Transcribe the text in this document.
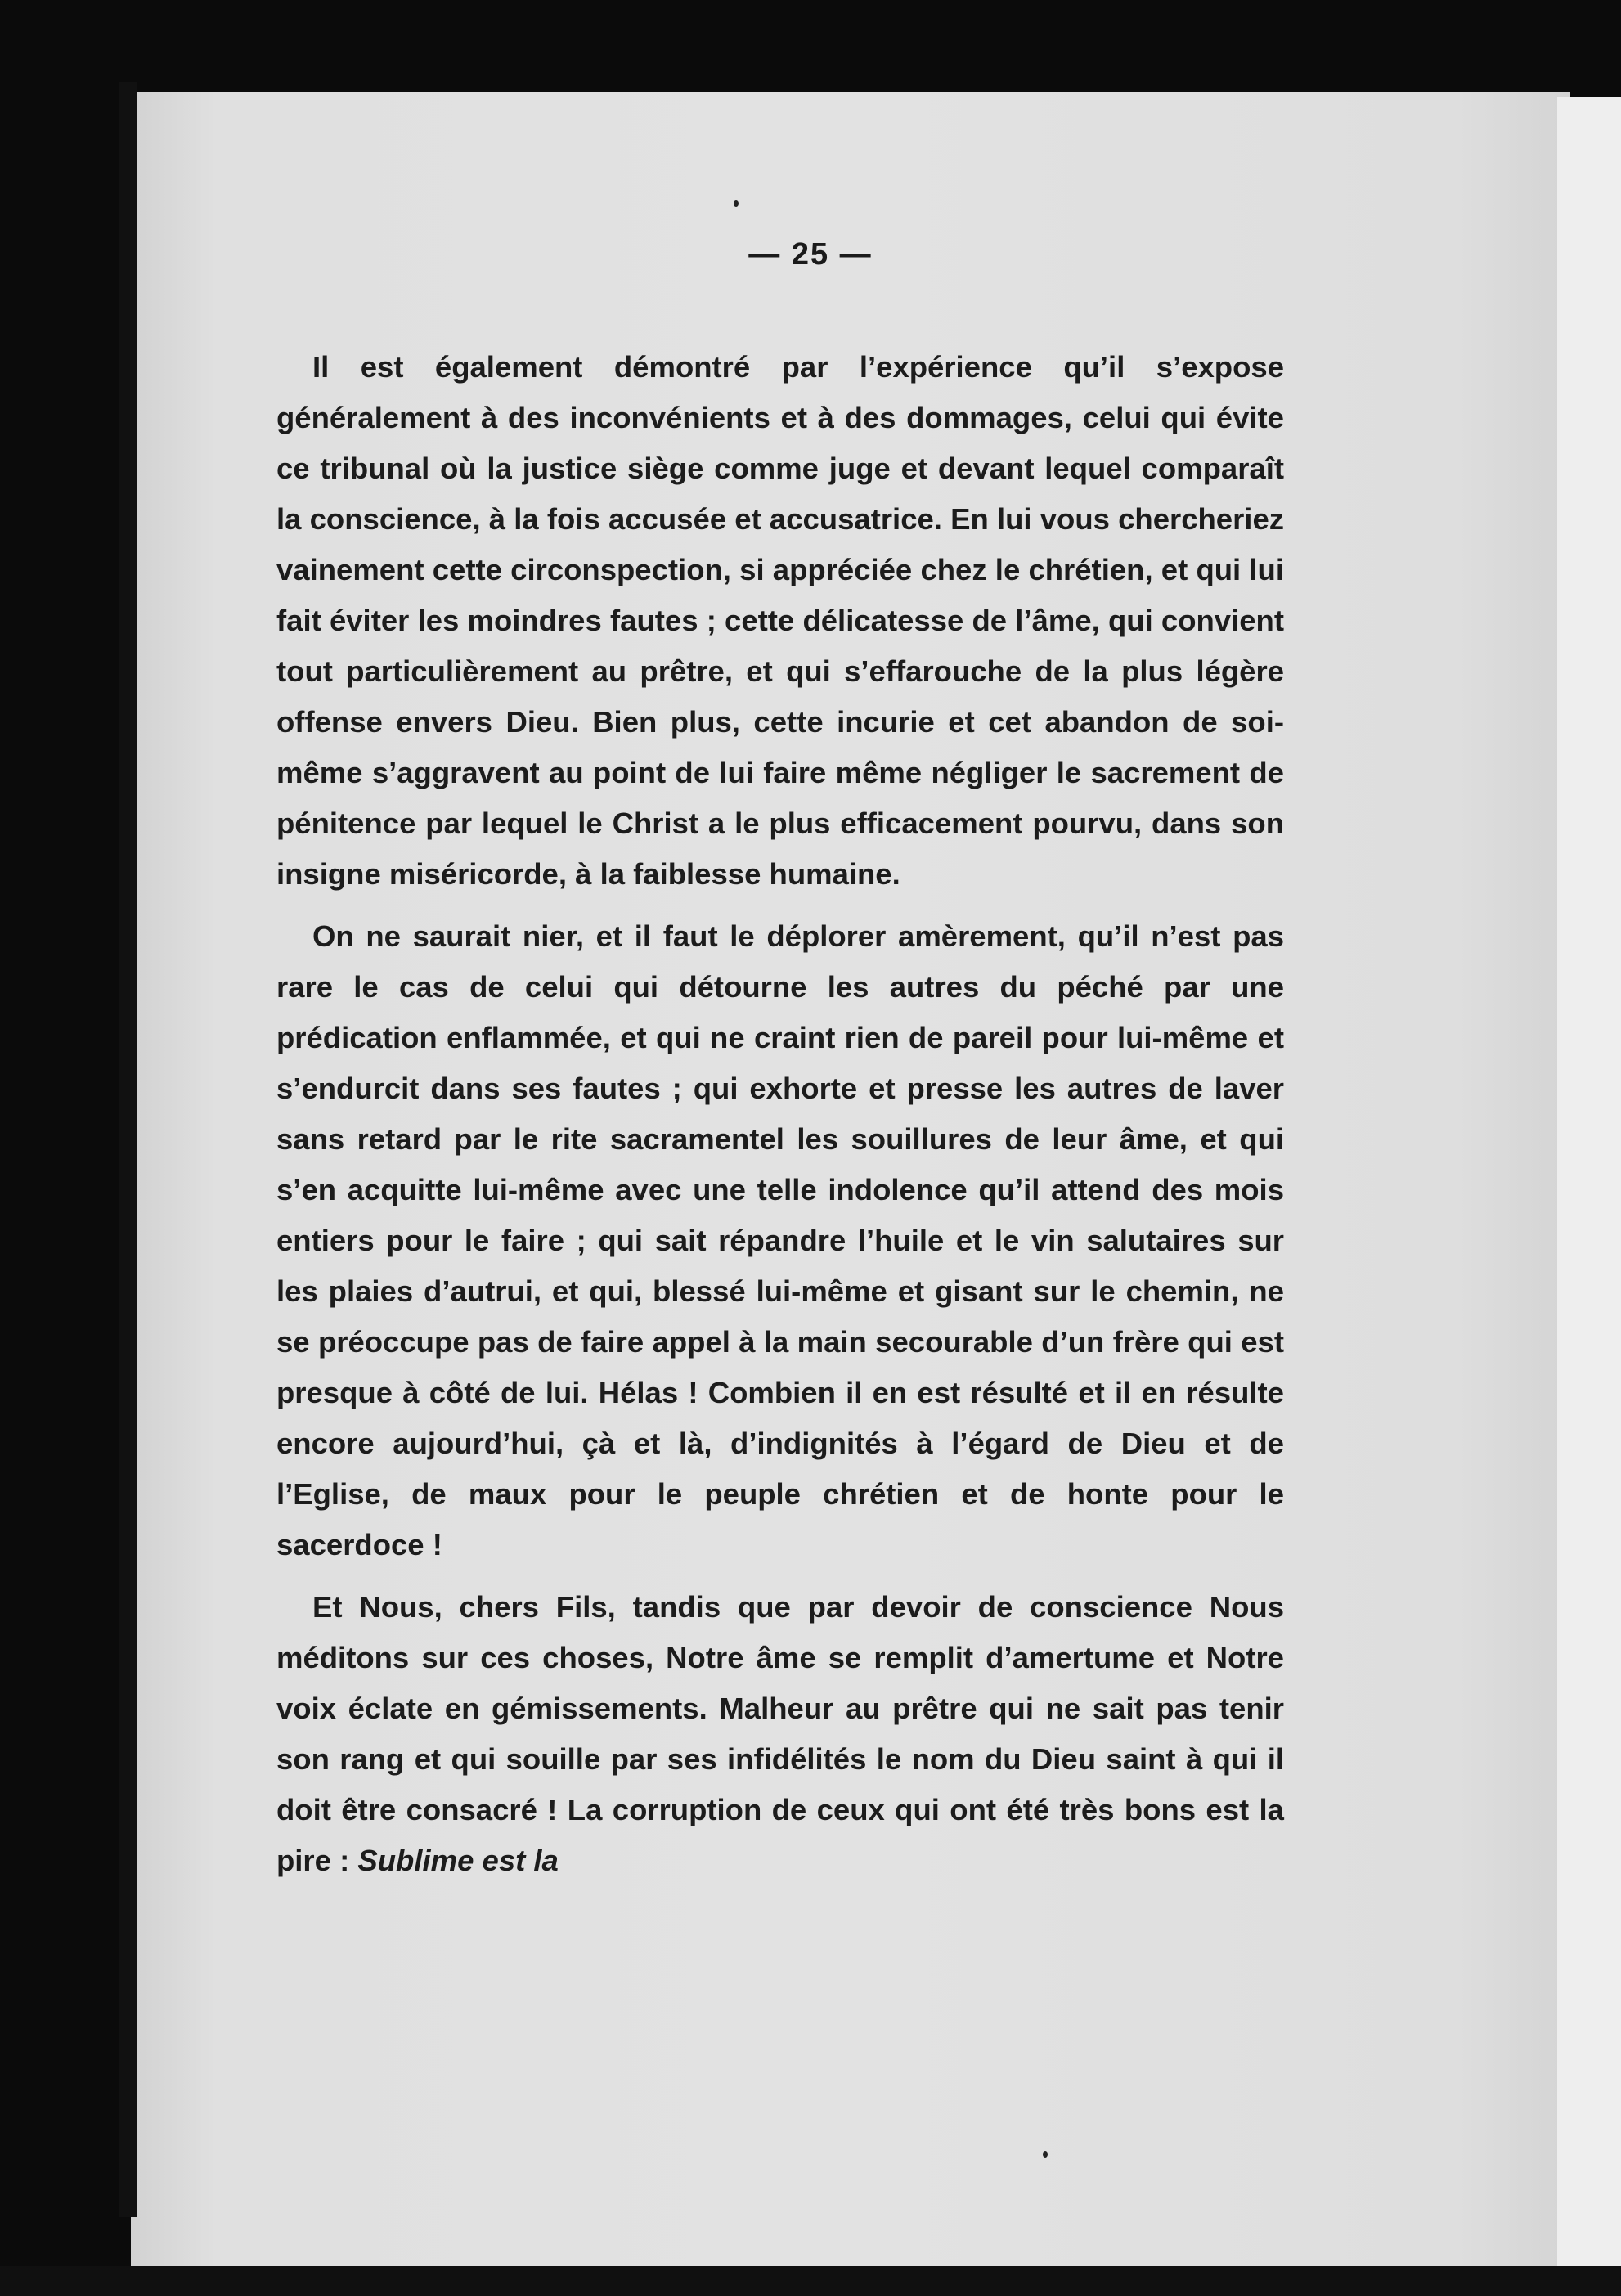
— 25 —

Il est également démontré par l’expérience qu’il s’expose généralement à des inconvénients et à des dommages, celui qui évite ce tribunal où la justice siège comme juge et devant lequel comparaît la conscience, à la fois accusée et accusatrice. En lui vous chercheriez vainement cette circonspection, si appréciée chez le chrétien, et qui lui fait éviter les moindres fautes ; cette délicatesse de l’âme, qui convient tout particulièrement au prêtre, et qui s’effarouche de la plus légère offense envers Dieu. Bien plus, cette incurie et cet abandon de soi-même s’aggravent au point de lui faire même négliger le sacrement de pénitence par lequel le Christ a le plus efficacement pourvu, dans son insigne miséricorde, à la faiblesse humaine.

On ne saurait nier, et il faut le déplorer amèrement, qu’il n’est pas rare le cas de celui qui détourne les autres du péché par une prédication enflammée, et qui ne craint rien de pareil pour lui-même et s’endurcit dans ses fautes ; qui exhorte et presse les autres de laver sans retard par le rite sacramentel les souillures de leur âme, et qui s’en acquitte lui-même avec une telle indolence qu’il attend des mois entiers pour le faire ; qui sait répandre l’huile et le vin salutaires sur les plaies d’autrui, et qui, blessé lui-même et gisant sur le chemin, ne se préoccupe pas de faire appel à la main secourable d’un frère qui est presque à côté de lui. Hélas ! Combien il en est résulté et il en résulte encore aujourd’hui, çà et là, d’indignités à l’égard de Dieu et de l’Eglise, de maux pour le peuple chrétien et de honte pour le sacerdoce !

Et Nous, chers Fils, tandis que par devoir de conscience Nous méditons sur ces choses, Notre âme se remplit d’amertume et Notre voix éclate en gémissements. Malheur au prêtre qui ne sait pas tenir son rang et qui souille par ses infidélités le nom du Dieu saint à qui il doit être consacré ! La corruption de ceux qui ont été très bons est la pire : Sublime est la
